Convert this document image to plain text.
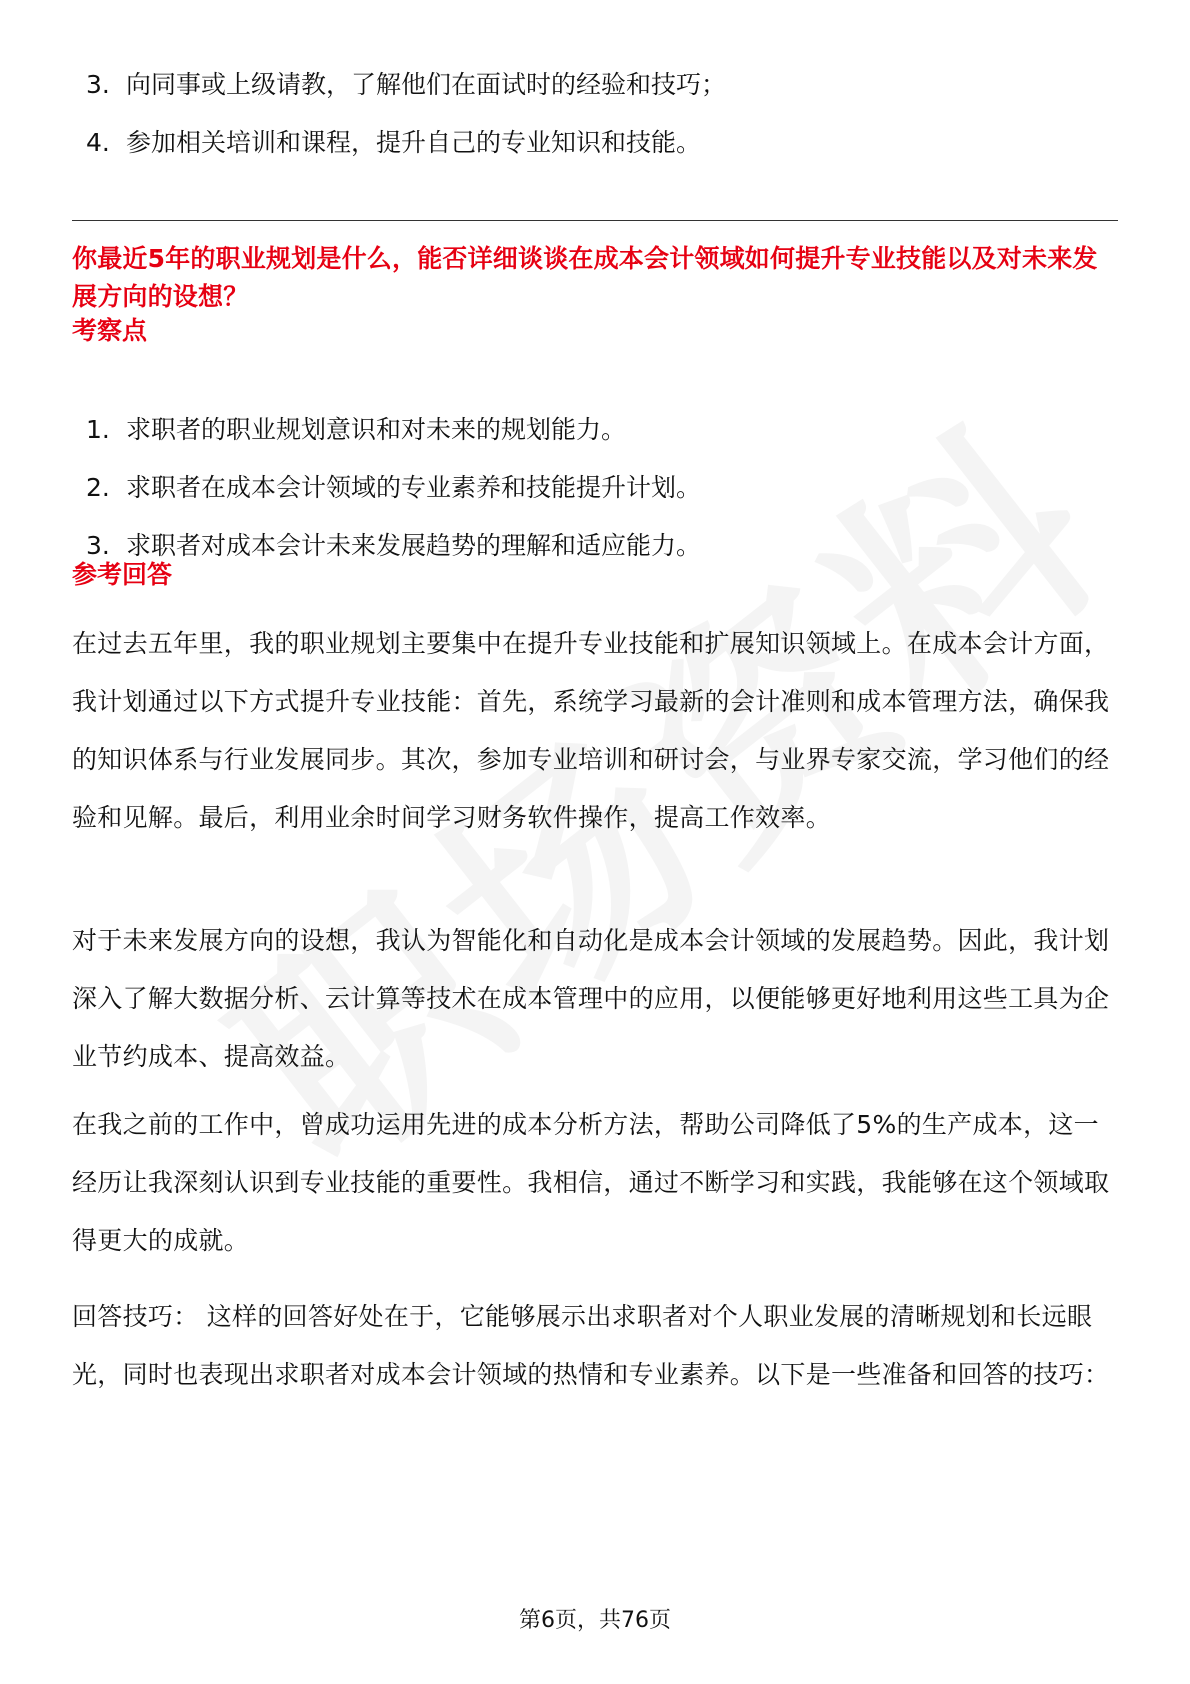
3. 向同事或上级请教，了解他们在面试时的经验和技巧；
4. 参加相关培训和课程，提升自己的专业知识和技能。
你最近5年的职业规划是什么，能否详细谈谈在成本会计领域如何提升专业技能以及对未来发展方向的设想？
考察点
1. 求职者的职业规划意识和对未来的规划能力。
2. 求职者在成本会计领域的专业素养和技能提升计划。
3. 求职者对成本会计未来发展趋势的理解和适应能力。
参考回答

在过去五年里，我的职业规划主要集中在提升专业技能和扩展知识领域上。在成本会计方面，我计划通过以下方式提升专业技能：首先，系统学习最新的会计准则和成本管理方法，确保我的知识体系与行业发展同步。其次，参加专业培训和研讨会，与业界专家交流，学习他们的经验和见解。最后，利用业余时间学习财务软件操作，提高工作效率。

对于未来发展方向的设想，我认为智能化和自动化是成本会计领域的发展趋势。因此，我计划深入了解大数据分析、云计算等技术在成本管理中的应用，以便能够更好地利用这些工具为企业节约成本、提高效益。

在我之前的工作中，曾成功运用先进的成本分析方法，帮助公司降低了5%的生产成本，这一经历让我深刻认识到专业技能的重要性。我相信，通过不断学习和实践，我能够在这个领域取得更大的成就。

回答技巧： 这样的回答好处在于，它能够展示出求职者对个人职业发展的清晰规划和长远眼光，同时也表现出求职者对成本会计领域的热情和专业素养。以下是一些准备和回答的技巧：

第6页，共76页
